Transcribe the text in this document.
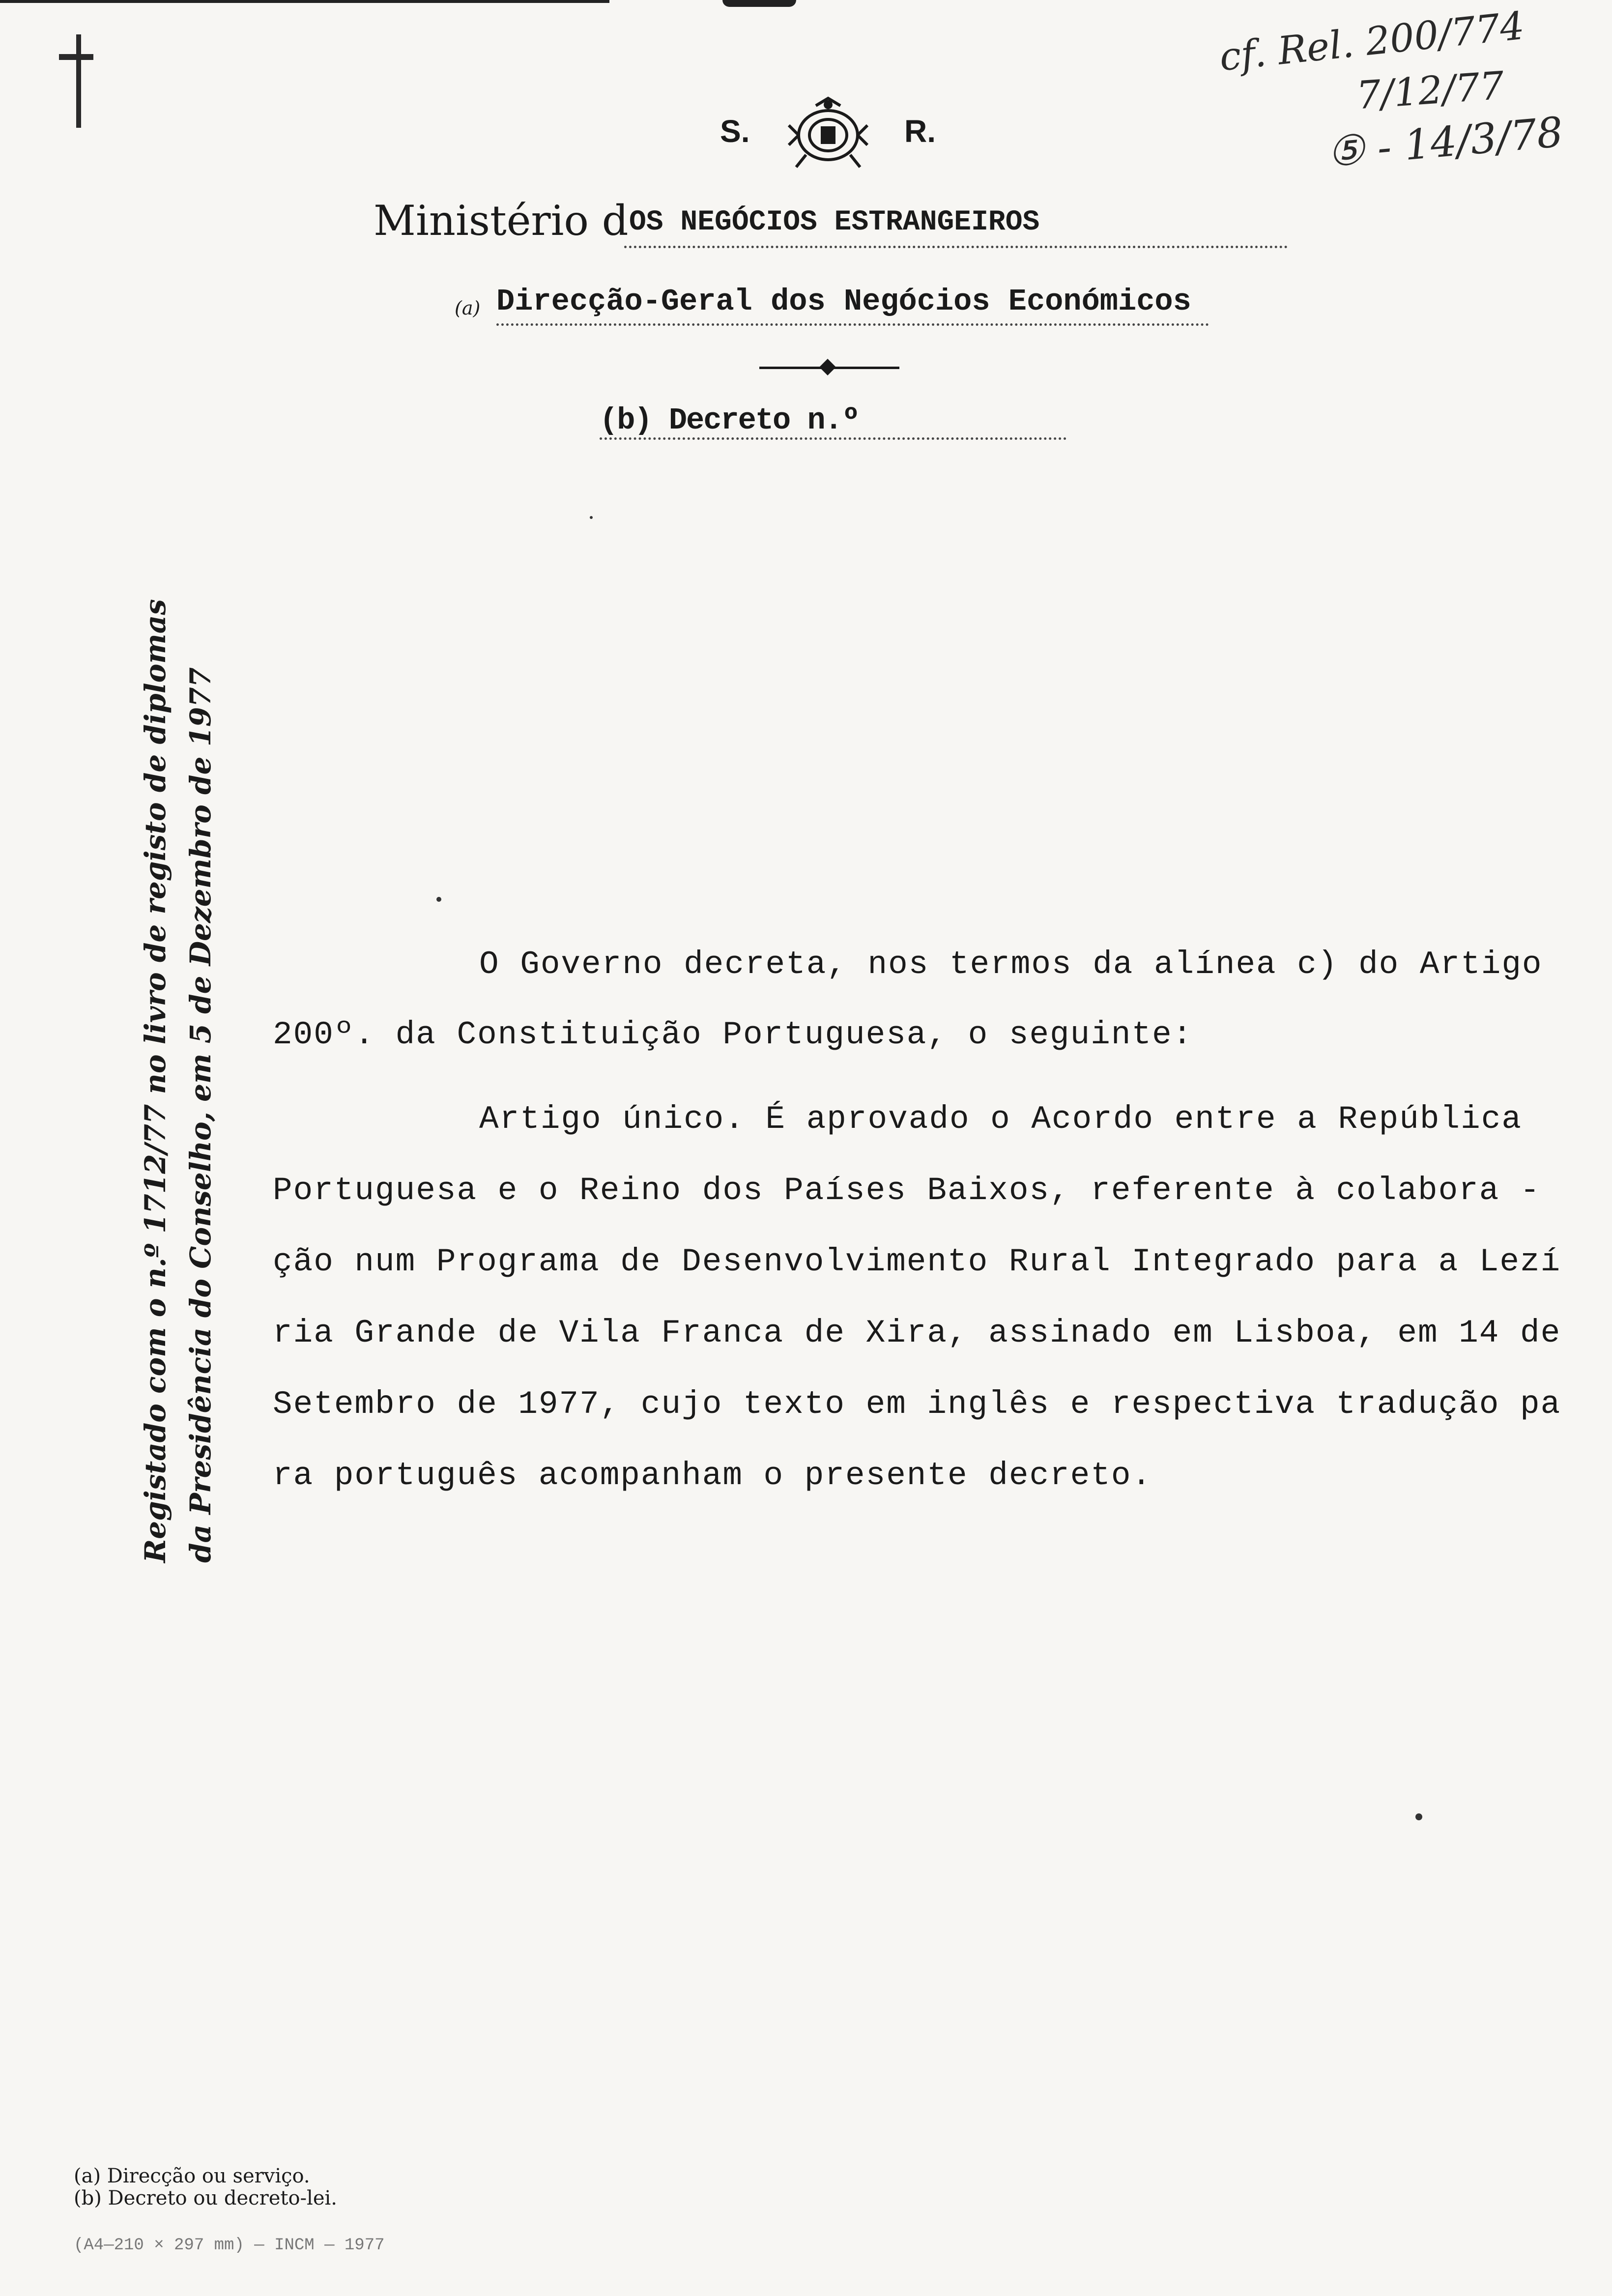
cf. Rel. 200/774
7/12/77
⑤ - 14/3/78
S.	R.
Ministério d OS NEGÓCIOS ESTRANGEIROS
(a) Direcção-Geral dos Negócios Económicos
(b) Decreto n.º
Registado com o n.º 1712/77 no livro de registo de diplomas da Presidência do Conselho, em 5 de Dezembro de 1977	O Governo decreta, nos termos da alínea c) do Artigo
200º. da Constituição Portuguesa, o seguinte:
Artigo único. É aprovado o Acordo entre a República
Portuguesa e o Reino dos Países Baixos, referente à colabora -
ção num Programa de Desenvolvimento Rural Integrado para a Lezí
ria Grande de Vila Franca de Xira, assinado em Lisboa, em 14 de
Setembro de 1977, cujo texto em inglês e respectiva tradução pa
ra português acompanham o presente decreto.
(a) Direcção ou serviço.
(b) Decreto ou decreto-lei.
(A4—210 × 297 mm) — INCM — 1977
